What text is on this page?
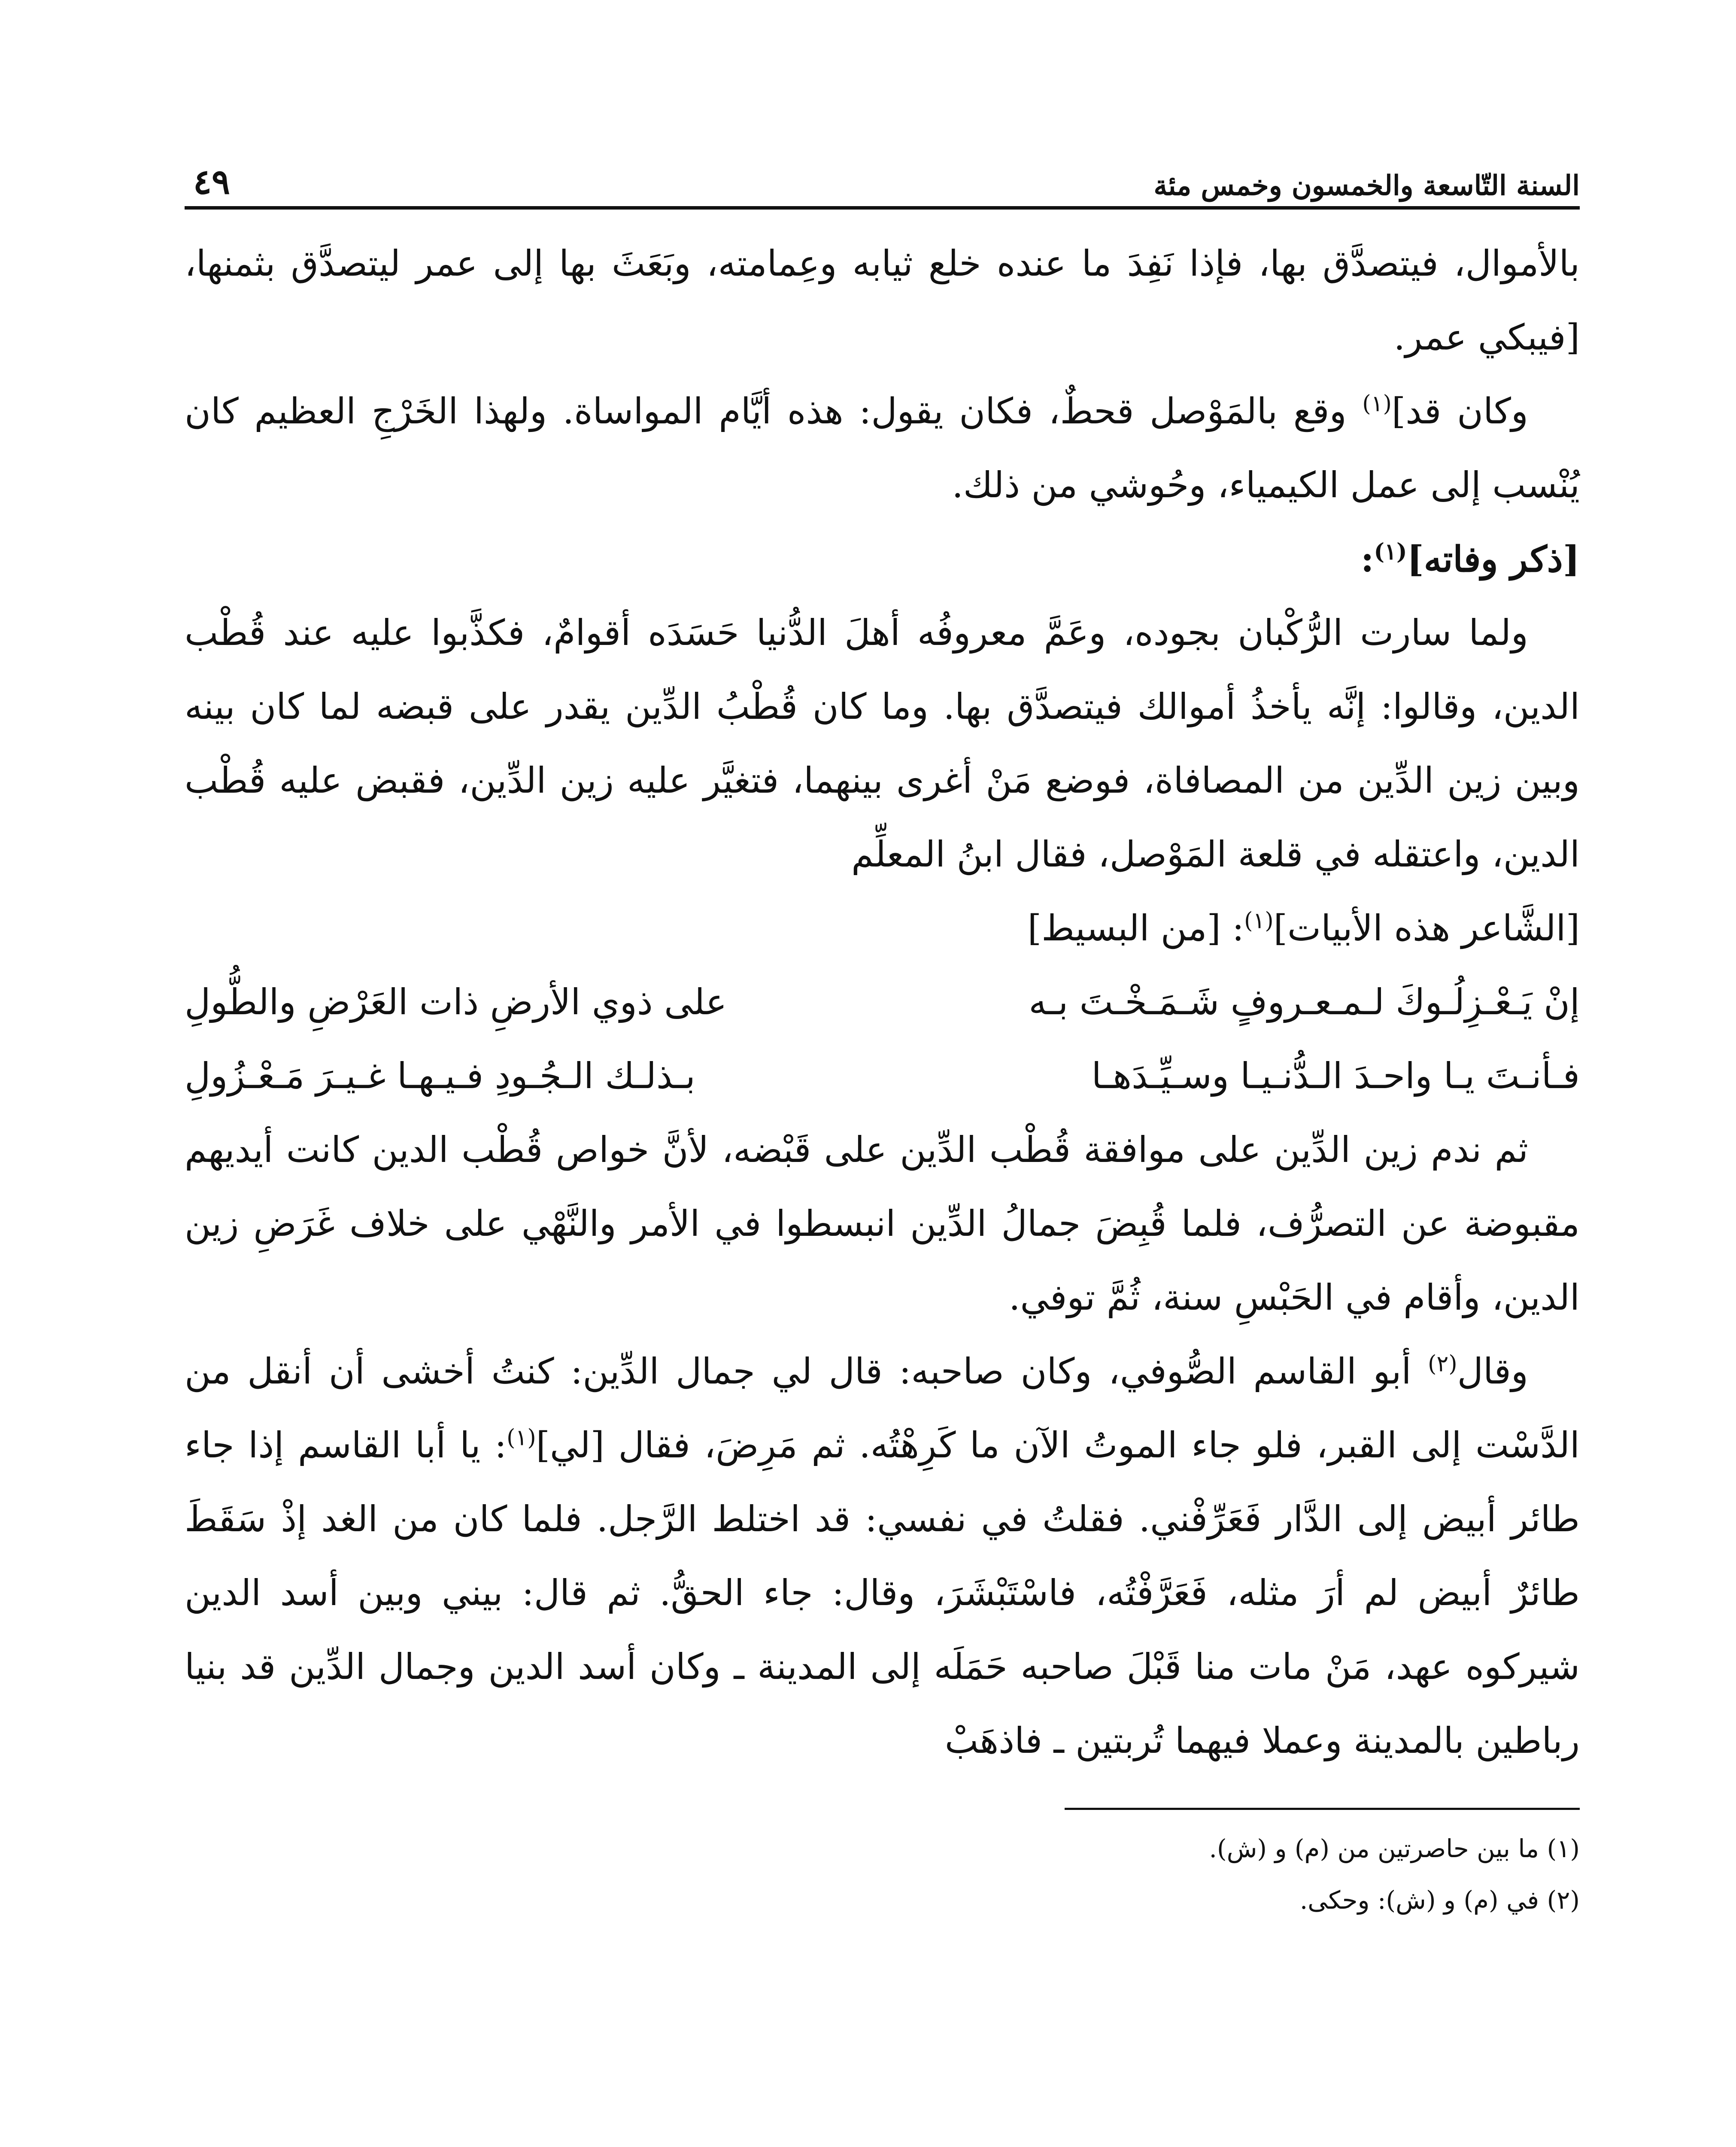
السنة التّاسعة والخمسون وخمس مئة
٤٩

بالأموال، فيتصدَّق بها، فإذا نَفِدَ ما عنده خلع ثيابه وعِمامته، وبَعَثَ بها إلى عمر ليتصدَّق بثمنها، [فيبكي عمر.

وكان قد]$^{(١)}$ وقع بالمَوْصل قحطٌ، فكان يقول: هذه أيَّام المواساة. ولهذا الخَرْجِ العظيم كان يُنْسب إلى عمل الكيمياء، وحُوشي من ذلك.

[ذكر وفاته]$^{(١)}$:

ولما سارت الرُّكْبان بجوده، وعَمَّ معروفُه أهلَ الدُّنيا حَسَدَه أقوامٌ، فكذَّبوا عليه عند قُطْب الدين، وقالوا: إنَّه يأخذُ أموالك فيتصدَّق بها. وما كان قُطْبُ الدِّين يقدر على قبضه لما كان بينه وبين زين الدِّين من المصافاة، فوضع مَنْ أغرى بينهما، فتغيَّر عليه زين الدِّين، فقبض عليه قُطْب الدين، واعتقله في قلعة المَوْصل، فقال ابنُ المعلِّم

[الشَّاعر هذه الأبيات]$^{(١)}$: [من البسيط]

إنْ يَـعْـزِلُـوكَ لـمـعـروفٍ شَـمَـخْـتَ بـه
على ذوي الأرضِ ذات العَرْضِ والطُّولِ
فـأنـتَ يـا واحـدَ الـدُّنـيـا وسـيِّـدَهـا
بـذلـك الـجُـودِ فـيـهـا غـيـرَ مَـعْـزُولِ

ثم ندم زين الدِّين على موافقة قُطْب الدِّين على قَبْضه، لأنَّ خواص قُطْب الدين كانت أيديهم مقبوضة عن التصرُّف، فلما قُبِضَ جمالُ الدِّين انبسطوا في الأمر والنَّهْي على خلاف غَرَضِ زين الدين، وأقام في الحَبْسِ سنة، ثُمَّ توفي.

وقال$^{(٢)}$ أبو القاسم الصُّوفي، وكان صاحبه: قال لي جمال الدِّين: كنتُ أخشى أن أنقل من الدَّسْت إلى القبر، فلو جاء الموتُ الآن ما كَرِهْتُه. ثم مَرِضَ، فقال [لي]$^{(١)}$: يا أبا القاسم إذا جاء طائر أبيض إلى الدَّار فَعَرِّفْني. فقلتُ في نفسي: قد اختلط الرَّجل. فلما كان من الغد إذْ سَقَطَ طائرٌ أبيض لم أرَ مثله، فَعَرَّفْتُه، فاسْتَبْشَرَ، وقال: جاء الحقُّ. ثم قال: بيني وبين أسد الدين شيركوه عهد، مَنْ مات منا قَبْلَ صاحبه حَمَلَه إلى المدينة ـ وكان أسد الدين وجمال الدِّين قد بنيا رباطين بالمدينة وعملا فيهما تُربتين ـ فاذهَبْ

(١) ما بين حاصرتين من (م) و (ش).
(٢) في (م) و (ش): وحكى.
